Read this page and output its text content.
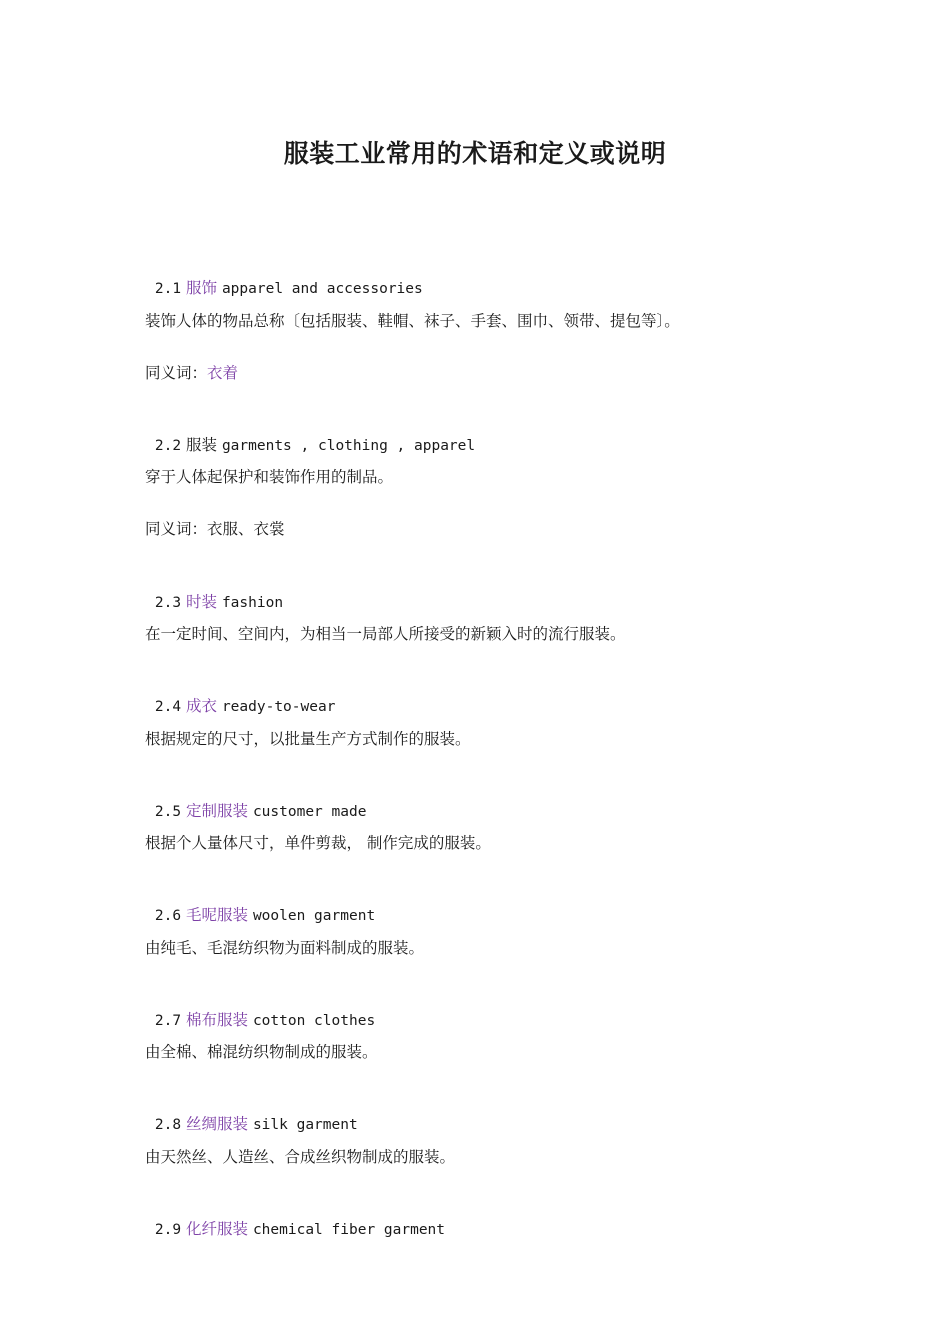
服装工业常用的术语和定义或说明

2.1 服饰 apparel and accessories

装饰人体的物品总称〔包括服装、鞋帽、袜子、手套、围巾、领带、提包等〕。
同义词：衣着

2.2 服装 garments , clothing , apparel

穿于人体起保护和装饰作用的制品。
同义词：衣服、衣裳

2.3 时装 fashion

在一定时间、空间内，为相当一局部人所接受的新颖入时的流行服装。

2.4 成衣 ready-to-wear

根据规定的尺寸，以批量生产方式制作的服装。

2.5 定制服装 customer made

根据个人量体尺寸，单件剪裁， 制作完成的服装。

2.6 毛呢服装 woolen garment

由纯毛、毛混纺织物为面料制成的服装。

2.7 棉布服装 cotton clothes

由全棉、棉混纺织物制成的服装。

2.8 丝绸服装 silk garment

由天然丝、人造丝、合成丝织物制成的服装。

2.9 化纤服装 chemical fiber garment
